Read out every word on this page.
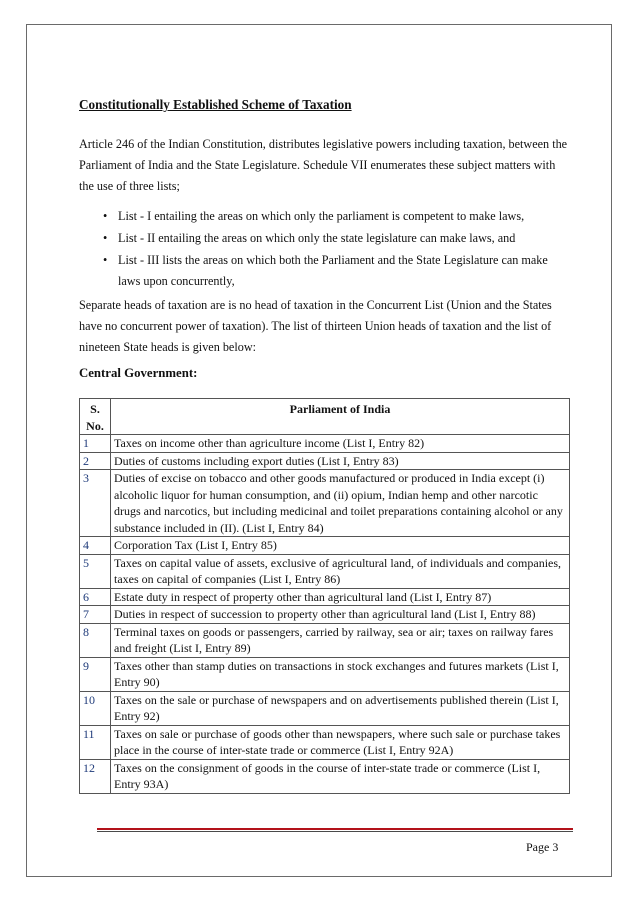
Constitutionally Established Scheme of Taxation

Article 246 of the Indian Constitution, distributes legislative powers including taxation, between the Parliament of India and the State Legislature. Schedule VII enumerates these subject matters with the use of three lists;

• List - I entailing the areas on which only the parliament is competent to make laws,
• List - II entailing the areas on which only the state legislature can make laws, and
• List - III lists the areas on which both the Parliament and the State Legislature can make laws upon concurrently,

Separate heads of taxation are is no head of taxation in the Concurrent List (Union and the States have no concurrent power of taxation). The list of thirteen Union heads of taxation and the list of nineteen State heads is given below:

Central Government:
S. No.	Parliament of India
1	Taxes on income other than agriculture income (List I, Entry 82)
2	Duties of customs including export duties (List I, Entry 83)
3	Duties of excise on tobacco and other goods manufactured or produced in India except (i) alcoholic liquor for human consumption, and (ii) opium, Indian hemp and other narcotic drugs and narcotics, but including medicinal and toilet preparations containing alcohol or any substance included in (II). (List I, Entry 84)
4	Corporation Tax (List I, Entry 85)
5	Taxes on capital value of assets, exclusive of agricultural land, of individuals and companies, taxes on capital of companies (List I, Entry 86)
6	Estate duty in respect of property other than agricultural land (List I, Entry 87)
7	Duties in respect of succession to property other than agricultural land (List I, Entry 88)
8	Terminal taxes on goods or passengers, carried by railway, sea or air; taxes on railway fares and freight (List I, Entry 89)
9	Taxes other than stamp duties on transactions in stock exchanges and futures markets (List I, Entry 90)
10	Taxes on the sale or purchase of newspapers and on advertisements published therein (List I, Entry 92)
11	Taxes on sale or purchase of goods other than newspapers, where such sale or purchase takes place in the course of inter-state trade or commerce (List I, Entry 92A)
12	Taxes on the consignment of goods in the course of inter-state trade or commerce (List I, Entry 93A)
Page 3
